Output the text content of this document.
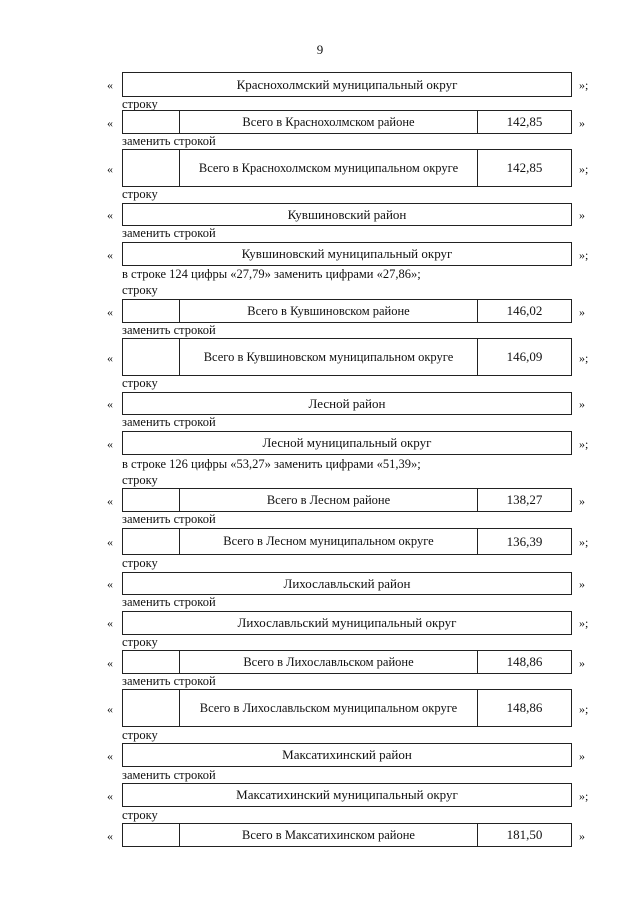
9
«	Краснохолмский муниципальный округ	»;
строку
«	Всего в Краснохолмском районе	142,85	»
заменить строкой
«	Всего в Краснохолмском муниципальном округе	142,85	»;
строку
«	Кувшиновский район	»
заменить строкой
«	Кувшиновский муниципальный округ	»;
в строке 124 цифры «27,79» заменить цифрами «27,86»;
строку
«	Всего в Кувшиновском районе	146,02	»
заменить строкой
«	Всего в Кувшиновском муниципальном округе	146,09	»;
строку
«	Лесной район	»
заменить строкой
«	Лесной муниципальный округ	»;
в строке 126 цифры «53,27» заменить цифрами «51,39»;
строку
«	Всего в Лесном районе	138,27	»
заменить строкой
«	Всего в Лесном муниципальном округе	136,39	»;
строку
«	Лихославльский район	»
заменить строкой
«	Лихославльский муниципальный округ	»;
строку
«	Всего в Лихославльском районе	148,86	»
заменить строкой
«	Всего в Лихославльском муниципальном округе	148,86	»;
строку
«	Максатихинский район	»
заменить строкой
«	Максатихинский муниципальный округ	»;
строку
«	Всего в Максатихинском районе	181,50	»
